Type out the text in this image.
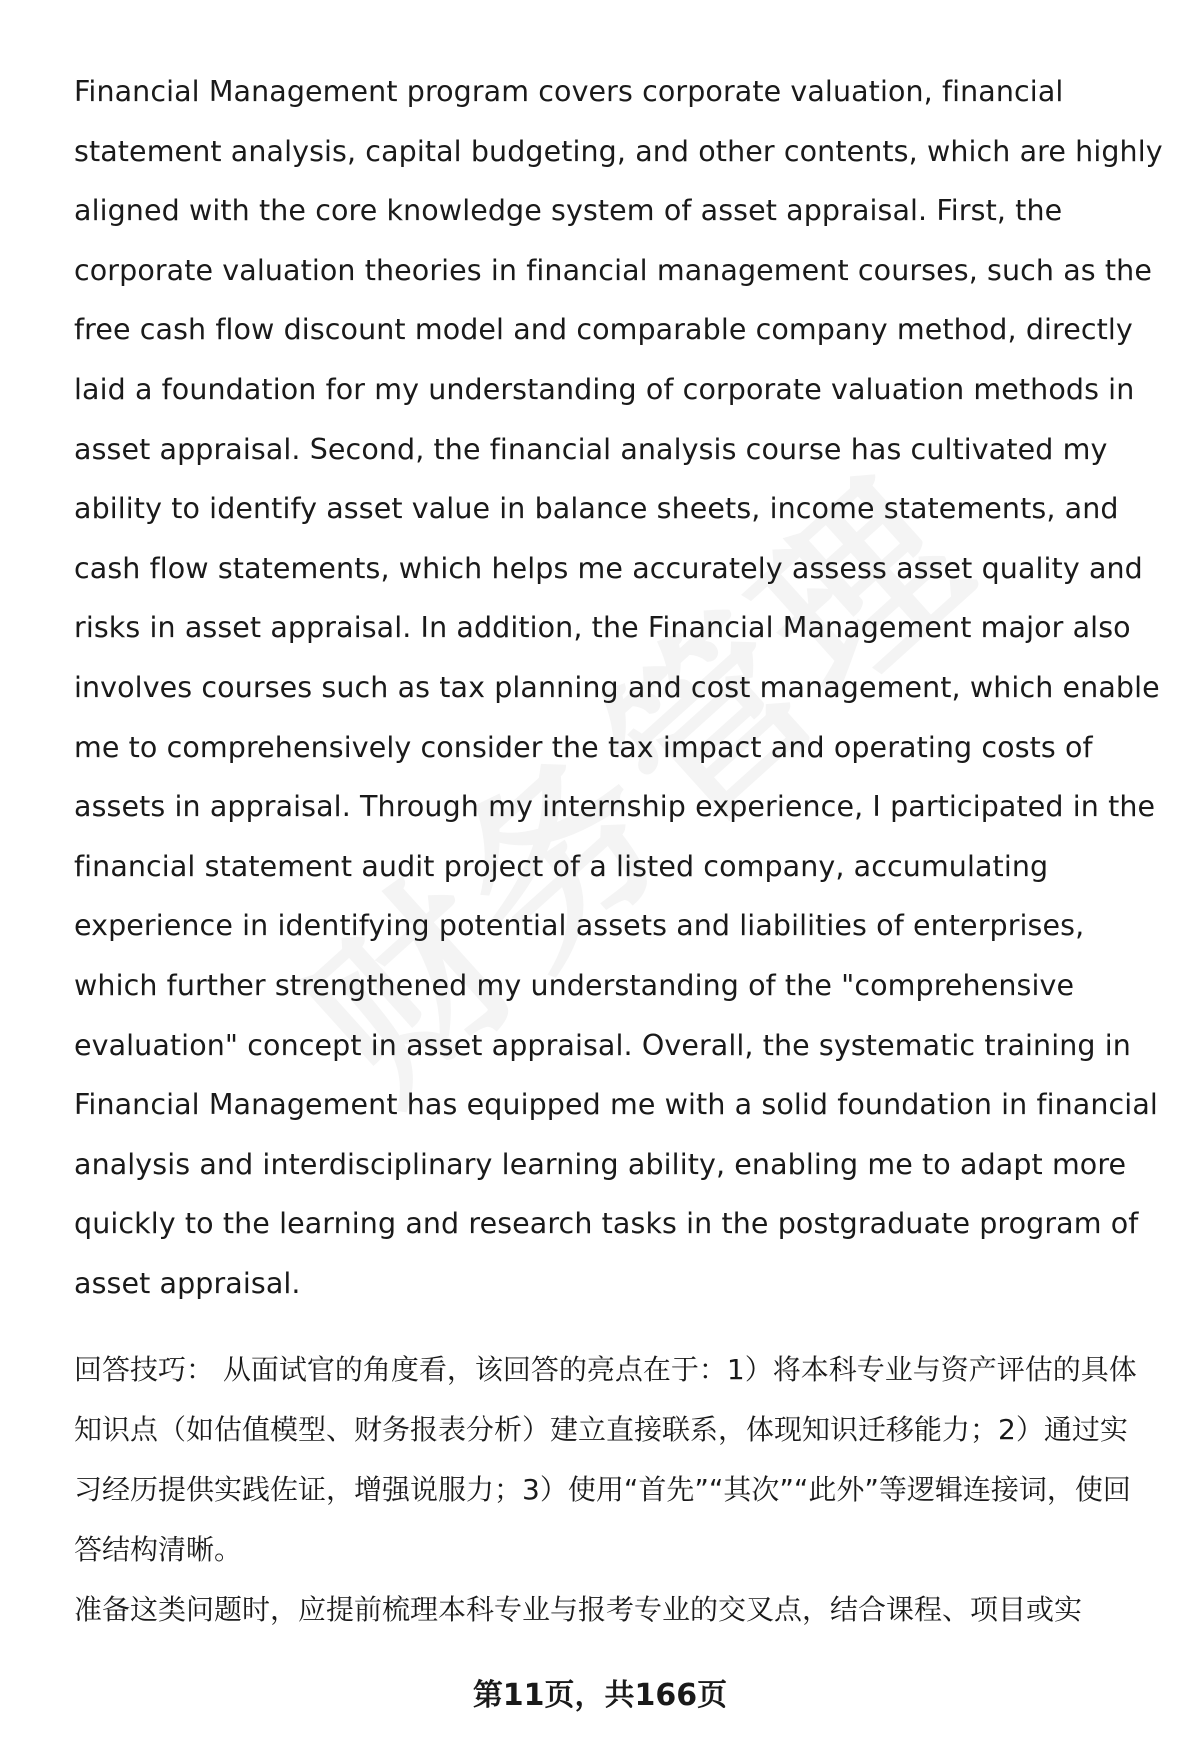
Financial Management program covers corporate valuation, financial statement analysis, capital budgeting, and other contents, which are highly aligned with the core knowledge system of asset appraisal. First, the corporate valuation theories in financial management courses, such as the free cash flow discount model and comparable company method, directly laid a foundation for my understanding of corporate valuation methods in asset appraisal. Second, the financial analysis course has cultivated my ability to identify asset value in balance sheets, income statements, and cash flow statements, which helps me accurately assess asset quality and risks in asset appraisal. In addition, the Financial Management major also involves courses such as tax planning and cost management, which enable me to comprehensively consider the tax impact and operating costs of assets in appraisal. Through my internship experience, I participated in the financial statement audit project of a listed company, accumulating experience in identifying potential assets and liabilities of enterprises, which further strengthened my understanding of the "comprehensive evaluation" concept in asset appraisal. Overall, the systematic training in Financial Management has equipped me with a solid foundation in financial analysis and interdisciplinary learning ability, enabling me to adapt more quickly to the learning and research tasks in the postgraduate program of asset appraisal.

回答技巧： 从面试官的角度看，该回答的亮点在于：1）将本科专业与资产评估的具体知识点（如估值模型、财务报表分析）建立直接联系，体现知识迁移能力；2）通过实习经历提供实践佐证，增强说服力；3）使用“首先”“其次”“此外”等逻辑连接词，使回答结构清晰。

准备这类问题时，应提前梳理本科专业与报考专业的交叉点，结合课程、项目或实

第11页，共166页
